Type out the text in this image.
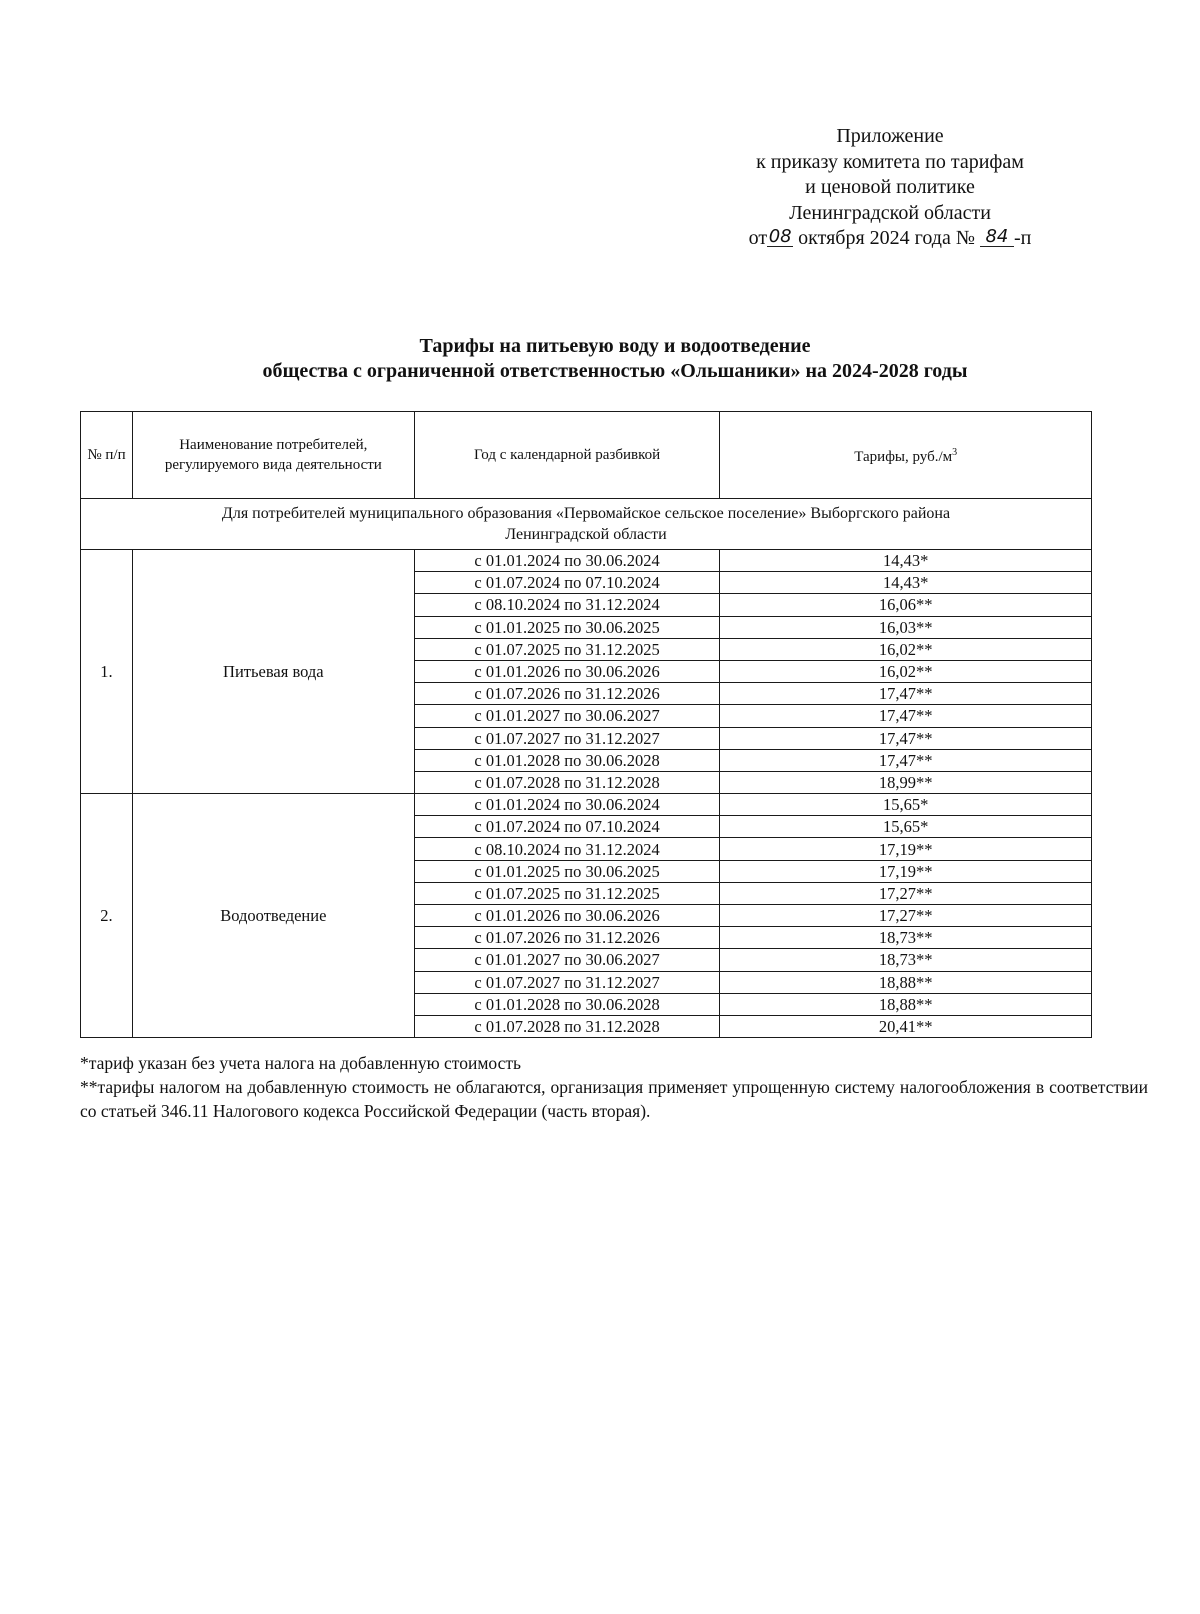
Приложение
к приказу комитета по тарифам
и ценовой политике
Ленинградской области
от08 октября 2024 года № 84 -п
Тарифы на питьевую воду и водоотведение
общества с ограниченной ответственностью «Ольшаники» на 2024-2028 годы
№ п/п	Наименование потребителей, регулируемого вида деятельности	Год с календарной разбивкой	Тарифы, $руб./м^3$
Для потребителей муниципального образования «Первомайское сельское поселение» Выборгского района Ленинградской области			
1.	Питьевая вода	с 01.01.2024 по 30.06.2024	14,43*
		с 01.07.2024 по 07.10.2024	14,43*
		с 08.10.2024 по 31.12.2024	16,06**
		с 01.01.2025 по 30.06.2025	16,03**
		с 01.07.2025 по 31.12.2025	16,02**
		с 01.01.2026 по 30.06.2026	16,02**
		с 01.07.2026 по 31.12.2026	17,47**
		с 01.01.2027 по 30.06.2027	17,47**
		с 01.07.2027 по 31.12.2027	17,47**
		с 01.01.2028 по 30.06.2028	17,47**
		с 01.07.2028 по 31.12.2028	18,99**
2.	Водоотведение	с 01.01.2024 по 30.06.2024	15,65*
		с 01.07.2024 по 07.10.2024	15,65*
		с 08.10.2024 по 31.12.2024	17,19**
		с 01.01.2025 по 30.06.2025	17,19**
		с 01.07.2025 по 31.12.2025	17,27**
		с 01.01.2026 по 30.06.2026	17,27**
		с 01.07.2026 по 31.12.2026	18,73**
		с 01.01.2027 по 30.06.2027	18,73**
		с 01.07.2027 по 31.12.2027	18,88**
		с 01.01.2028 по 30.06.2028	18,88**
		с 01.07.2028 по 31.12.2028	20,41**

*тариф указан без учета налога на добавленную стоимость

**тарифы налогом на добавленную стоимость не облагаются, организация применяет упрощенную систему налогообложения в соответствии со статьей 346.11 Налогового кодекса Российской Федерации (часть вторая).
